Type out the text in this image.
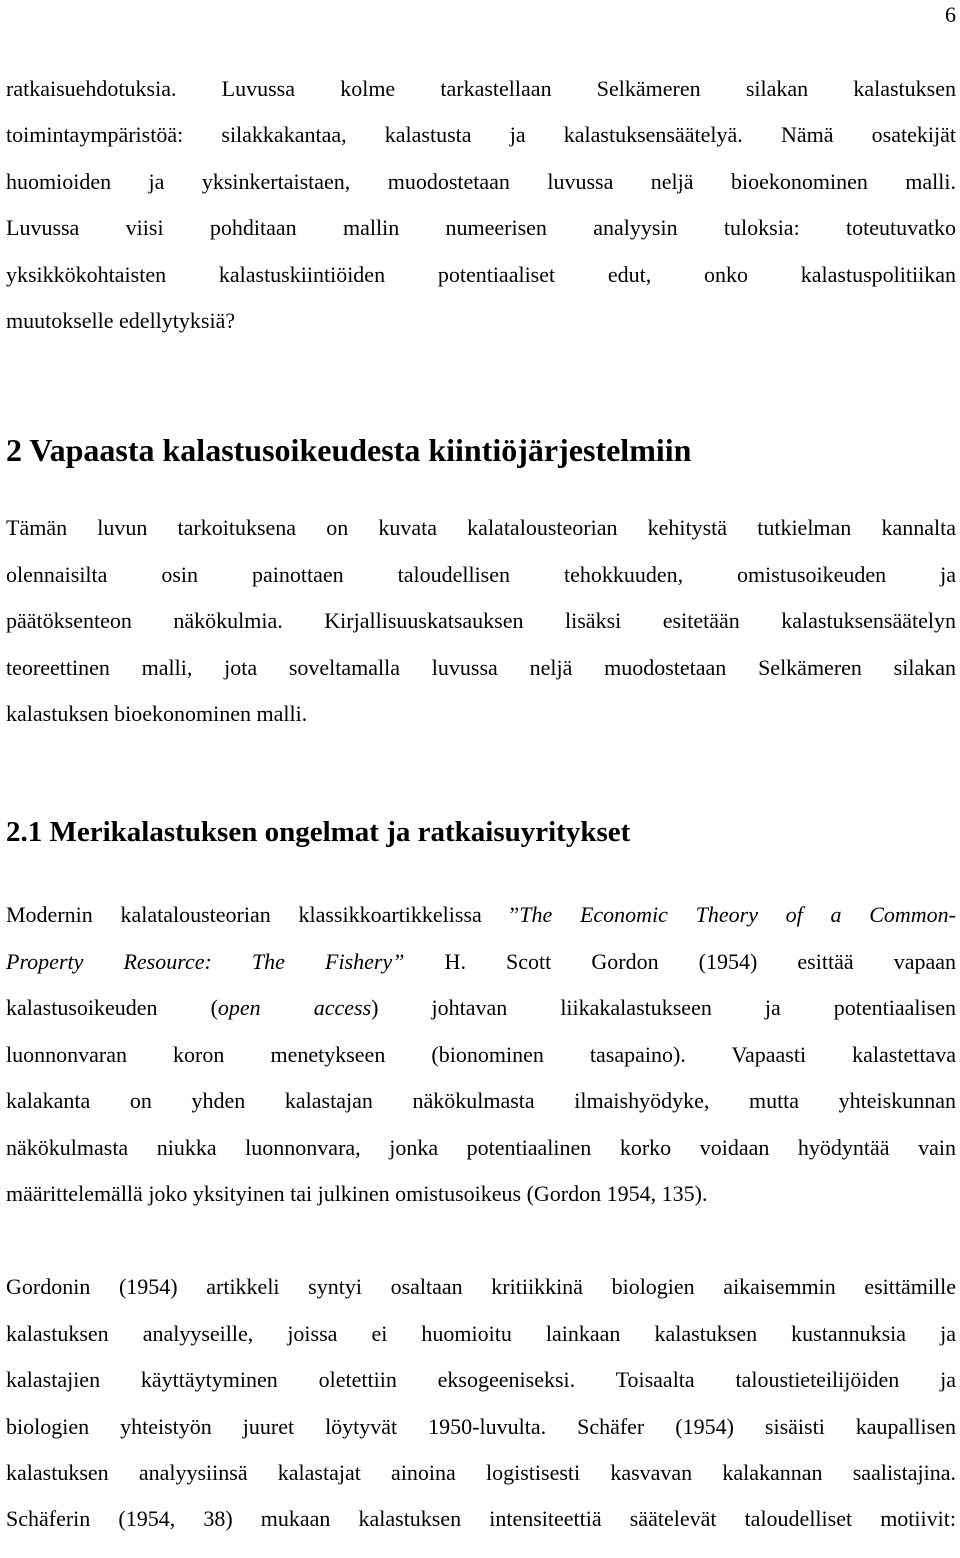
6

ratkaisuehdotuksia. Luvussa kolme tarkastellaan Selkämeren silakan kalastuksen
toimintaympäristöä: silakkakantaa, kalastusta ja kalastuksensäätelyä. Nämä osatekijät
huomioiden ja yksinkertaistaen, muodostetaan luvussa neljä bioekonominen malli.
Luvussa viisi pohditaan mallin numeerisen analyysin tuloksia: toteutuvatko
yksikkökohtaisten kalastuskiintiöiden potentiaaliset edut, onko kalastuspolitiikan
muutokselle edellytyksiä?

2 Vapaasta kalastusoikeudesta kiintiöjärjestelmiin

Tämän luvun tarkoituksena on kuvata kalatalousteorian kehitystä tutkielman kannalta
olennaisilta osin painottaen taloudellisen tehokkuuden, omistusoikeuden ja
päätöksenteon näkökulmia. Kirjallisuuskatsauksen lisäksi esitetään kalastuksensäätelyn
teoreettinen malli, jota soveltamalla luvussa neljä muodostetaan Selkämeren silakan
kalastuksen bioekonominen malli.

2.1 Merikalastuksen ongelmat ja ratkaisuyritykset

Modernin kalatalousteorian klassikkoartikkelissa ”The Economic Theory of a Common-
Property Resource: The Fishery” H. Scott Gordon (1954) esittää vapaan
kalastusoikeuden (open access) johtavan liikakalastukseen ja potentiaalisen
luonnonvaran koron menetykseen (bionominen tasapaino). Vapaasti kalastettava
kalakanta on yhden kalastajan näkökulmasta ilmaishyödyke, mutta yhteiskunnan
näkökulmasta niukka luonnonvara, jonka potentiaalinen korko voidaan hyödyntää vain
määrittelemällä joko yksityinen tai julkinen omistusoikeus (Gordon 1954, 135).

Gordonin (1954) artikkeli syntyi osaltaan kritiikkinä biologien aikaisemmin esittämille
kalastuksen analyyseille, joissa ei huomioitu lainkaan kalastuksen kustannuksia ja
kalastajien käyttäytyminen oletettiin eksogeeniseksi. Toisaalta taloustieteilijöiden ja
biologien yhteistyön juuret löytyvät 1950-luvulta. Schäfer (1954) sisäisti kaupallisen
kalastuksen analyysiinsä kalastajat ainoina logistisesti kasvavan kalakannan saalistajina.
Schäferin (1954, 38) mukaan kalastuksen intensiteettiä säätelevät taloudelliset motiivit:
